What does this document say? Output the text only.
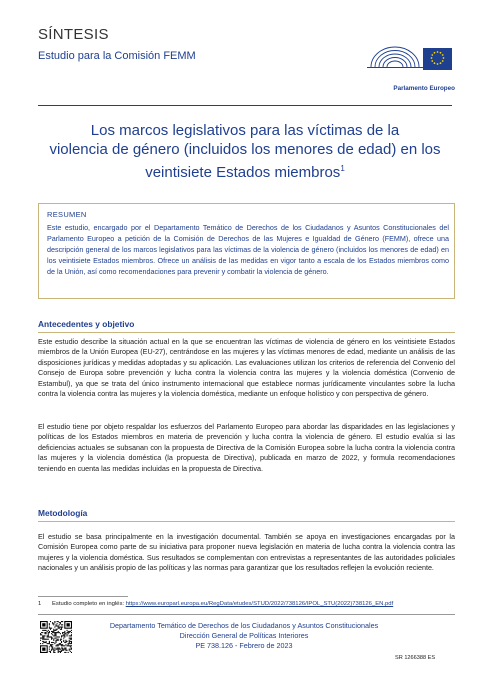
SÍNTESIS
Estudio para la Comisión FEMM
Parlamento Europeo
Los marcos legislativos para las víctimas de la
violencia de género (incluidos los menores de edad) en los
veintisiete Estados miembros$^1$
RESUMEN
Este estudio, encargado por el Departamento Temático de Derechos de los Ciudadanos y Asuntos Constitucionales del Parlamento Europeo a petición de la Comisión de Derechos de las Mujeres e Igualdad de Género (FEMM), ofrece una descripción general de los marcos legislativos para las víctimas de la violencia de género (incluidos los menores de edad) en los veintisiete Estados miembros. Ofrece un análisis de las medidas en vigor tanto a escala de los Estados miembros como de la Unión, así como recomendaciones para prevenir y combatir la violencia de género.
Antecedentes y objetivo
Este estudio describe la situación actual en la que se encuentran las víctimas de violencia de género en los veintisiete Estados miembros de la Unión Europea (EU-27), centrándose en las mujeres y las víctimas menores de edad, mediante un análisis de las disposiciones jurídicas y medidas adoptadas y su aplicación. Las evaluaciones utilizan los criterios de referencia del Convenio del Consejo de Europa sobre prevención y lucha contra la violencia contra las mujeres y la violencia doméstica (Convenio de Estambul), ya que se trata del único instrumento internacional que establece normas jurídicamente vinculantes sobre la lucha contra la violencia contra las mujeres y la violencia doméstica, mediante un enfoque holístico y con perspectiva de género.
El estudio tiene por objeto respaldar los esfuerzos del Parlamento Europeo para abordar las disparidades en las legislaciones y políticas de los Estados miembros en materia de prevención y lucha contra la violencia de género. El estudio evalúa si las deficiencias actuales se subsanan con la propuesta de Directiva de la Comisión Europea sobre la lucha contra la violencia contra las mujeres y la violencia doméstica (la propuesta de Directiva), publicada en marzo de 2022, y formula recomendaciones teniendo en cuenta las medidas incluidas en la propuesta de Directiva.
Metodología
El estudio se basa principalmente en la investigación documental. También se apoya en investigaciones encargadas por la Comisión Europea como parte de su iniciativa para proponer nueva legislación en materia de lucha contra la violencia contra las mujeres y la violencia doméstica. Sus resultados se complementan con entrevistas a representantes de las autoridades policiales nacionales y un análisis propio de las políticas y las normas para garantizar que los resultados reflejen la evolución reciente.
1 Estudio completo en inglés: https://www.europarl.europa.eu/RegData/etudes/STUD/2022/738126/IPOL_STU(2022)738126_EN.pdf
Departamento Temático de Derechos de los Ciudadanos y Asuntos Constitucionales
Dirección General de Políticas Interiores
PE 738.126 - Febrero de 2023
SR 1266388 ES
